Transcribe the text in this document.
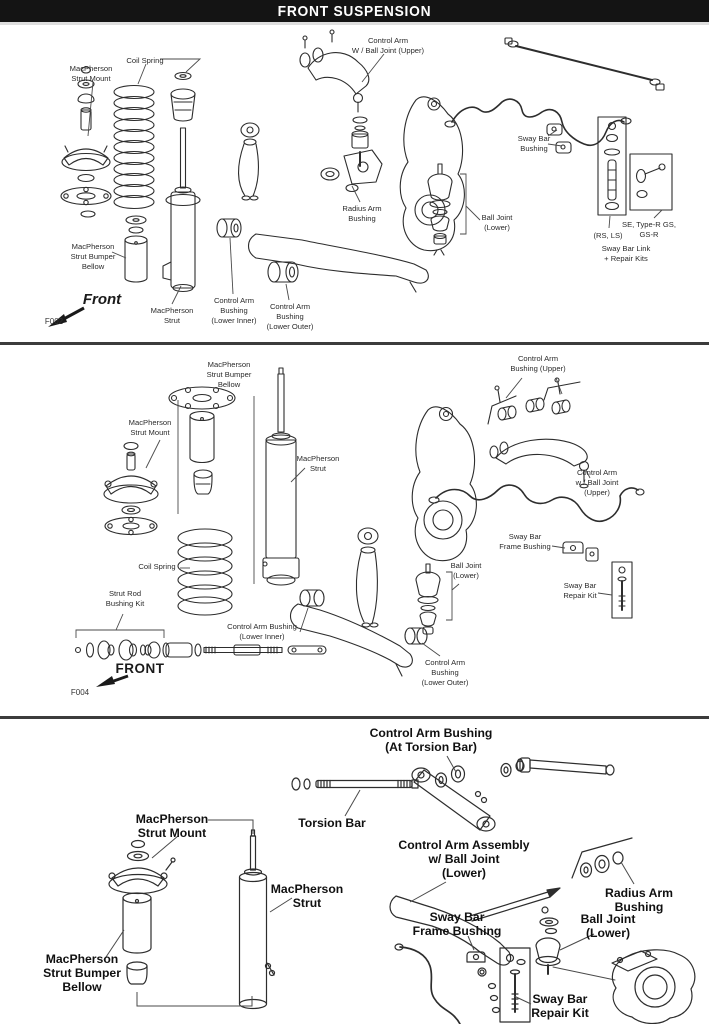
FRONT SUSPENSION
MacPherson
Strut Mount
Coil Spring
Control Arm
W / Ball Joint (Upper)
Sway Bar
Bushing
Radius Arm
Bushing	Ball Joint
(Lower)
(RS, LS)
SE, Type-R GS,
GS-R
Sway Bar Link
+ Repair Kits
MacPherson
Strut Bumper
Bellow
MacPherson
Strut
Control Arm
Bushing
(Lower Inner)
Control Arm
Bushing
(Lower Outer)
Front
F002
MacPherson
Strut Bumper
Bellow
MacPherson
Strut Mount
MacPherson
Strut
Control Arm
Bushing (Upper)
Control Arm
w / Ball Joint
(Upper)
Coil Spring
Strut Rod
Bushing Kit
Control Arm Bushing
(Lower Inner)
Sway Bar
Frame Bushing
Ball Joint
(Lower)
Sway Bar
Repair Kit
Control Arm
Bushing
(Lower Outer)
FRONT
F004
Control Arm Bushing
(At Torsion Bar)
Torsion Bar
MacPherson
Strut Mount
MacPherson
Strut
Control Arm Assembly
w/ Ball Joint
(Lower)
Radius Arm
Bushing
Sway Bar
Frame Bushing
Ball Joint
(Lower)
MacPherson
Strut Bumper
Bellow
Sway Bar
Repair Kit
